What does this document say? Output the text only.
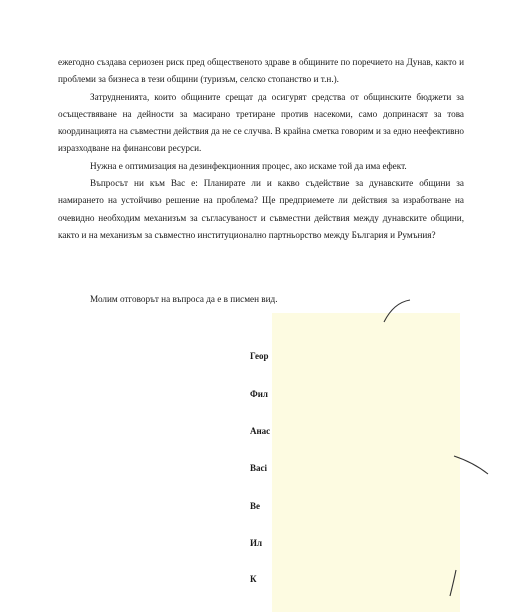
ежегодно създава сериозен риск пред общественото здраве в общините по поречието на Дунав, както и проблеми за бизнеса в тези общини (туризъм, селско стопанство и т.н.).

Затрудненията, които общините срещат да осигурят средства от общинските бюджети за осъществяване на дейности за масирано третиране против насекоми, само допринасят за това координацията на съвместни действия да не се случва. В крайна сметка говорим и за едно неефективно изразходване на финансови ресурси.

Нужна е оптимизация на дезинфекционния процес, ако искаме той да има ефект.

Въпросът ни към Вас е: Планирате ли и какво съдействие за дунавските общини за намирането на устойчиво решение на проблема? Ще предприемете ли действия за изработване на очевидно необходим механизъм за съгласуваност и съвместни действия между дунавските общини, както и на механизъм за съвместно институционално партньорство между България и Румъния?

Молим отговорът на въпроса да е в писмен вид.
Геор
Фил
Анас
Васі
Ве
Ил
К
